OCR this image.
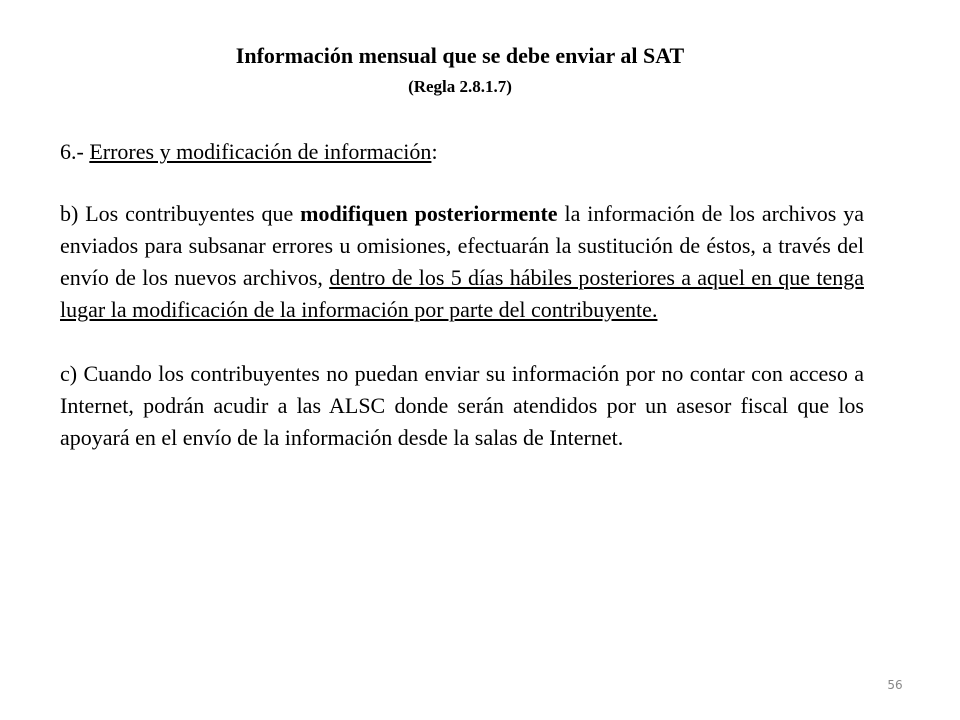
Información mensual que se debe enviar al SAT
(Regla 2.8.1.7)

6.- Errores y modificación de información:

b) Los contribuyentes que modifiquen posteriormente la información de los archivos ya enviados para subsanar errores u omisiones, efectuarán la sustitución de éstos, a través del envío de los nuevos archivos, dentro de los 5 días hábiles posteriores a aquel en que tenga lugar la modificación de la información por parte del contribuyente.

c) Cuando los contribuyentes no puedan enviar su información por no contar con acceso a Internet, podrán acudir a las ALSC donde serán atendidos por un asesor fiscal que los apoyará en el envío de la información desde la salas de Internet.

56
